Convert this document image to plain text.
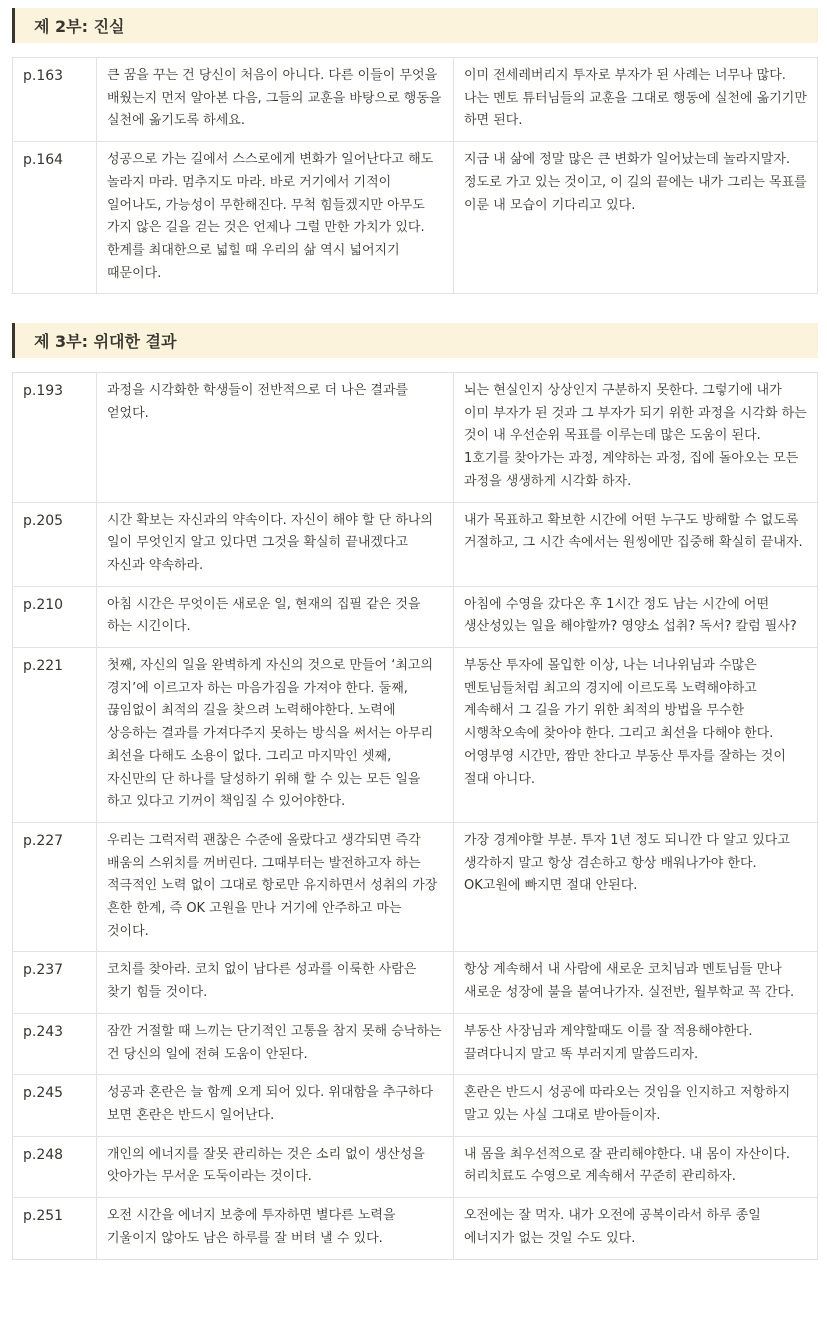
제 2부: 진실
p.163	큰 꿈을 꾸는 건 당신이 처음이 아니다. 다른 이들이 무엇을 배웠는지 먼저 알아본 다음, 그들의 교훈을 바탕으로 행동을 실천에 옮기도록 하세요.	이미 전세레버리지 투자로 부자가 된 사례는 너무나 많다. 나는 멘토 튜터님들의 교훈을 그대로 행동에 실천에 옮기기만 하면 된다.
p.164	성공으로 가는 길에서 스스로에게 변화가 일어난다고 해도 놀라지 마라. 멈추지도 마라. 바로 거기에서 기적이 일어나도, 가능성이 무한해진다. 무척 힘들겠지만 아무도 가지 않은 길을 걷는 것은 언제나 그럴 만한 가치가 있다. 한계를 최대한으로 넓힐 때 우리의 삶 역시 넓어지기 때문이다.	지금 내 삶에 정말 많은 큰 변화가 일어났는데 놀라지말자. 정도로 가고 있는 것이고, 이 길의 끝에는 내가 그리는 목표를 이룬 내 모습이 기다리고 있다.
제 3부: 위대한 결과
p.193	과정을 시각화한 학생들이 전반적으로 더 나은 결과를 얻었다.	뇌는 현실인지 상상인지 구분하지 못한다. 그렇기에 내가 이미 부자가 된 것과 그 부자가 되기 위한 과정을 시각화 하는 것이 내 우선순위 목표를 이루는데 많은 도움이 된다. 1호기를 찾아가는 과정, 계약하는 과정, 집에 돌아오는 모든 과정을 생생하게 시각화 하자.
p.205	시간 확보는 자신과의 약속이다. 자신이 해야 할 단 하나의 일이 무엇인지 알고 있다면 그것을 확실히 끝내겠다고 자신과 약속하라.	내가 목표하고 확보한 시간에 어떤 누구도 방해할 수 없도록 거절하고, 그 시간 속에서는 원씽에만 집중해 확실히 끝내자.
p.210	아침 시간은 무엇이든 새로운 일, 현재의 집필 같은 것을 하는 시긴이다.	아침에 수영을 갔다온 후 1시간 정도 남는 시간에 어떤 생산성있는 일을 해야할까? 영양소 섭취? 독서? 칼럼 필사?
p.221	첫째, 자신의 일을 완벽하게 자신의 것으로 만들어 ‘최고의 경지’에 이르고자 하는 마음가짐을 가져야 한다. 둘째, 끊임없이 최적의 길을 찾으려 노력해야한다. 노력에 상응하는 결과를 가져다주지 못하는 방식을 써서는 아무리 최선을 다해도 소용이 없다. 그리고 마지막인 셋째, 자신만의 단 하나를 달성하기 위해 할 수 있는 모든 일을 하고 있다고 기꺼이 책임질 수 있어야한다.	부동산 투자에 몰입한 이상, 나는 너나위님과 수많은 멘토님들처럼 최고의 경지에 이르도록 노력해야하고 계속해서 그 길을 가기 위한 최적의 방법을 무수한 시행착오속에 찾아야 한다. 그리고 최선을 다해야 한다. 어영부영 시간만, 짬만 찬다고 부동산 투자를 잘하는 것이 절대 아니다.
p.227	우리는 그럭저럭 괜찮은 수준에 올랐다고 생각되면 즉각 배움의 스위치를 꺼버린다. 그때부터는 발전하고자 하는 적극적인 노력 없이 그대로 항로만 유지하면서 성취의 가장 흔한 한계, 즉 OK 고원을 만나 거기에 안주하고 마는 것이다.	가장 경계야할 부분. 투자 1년 정도 되니깐 다 알고 있다고 생각하지 말고 항상 겸손하고 항상 배워나가야 한다. OK고원에 빠지면 절대 안된다.
p.237	코치를 찾아라. 코치 없이 남다른 성과를 이룩한 사람은 찾기 힘들 것이다.	항상 계속해서 내 사람에 새로운 코치님과 멘토님들 만나 새로운 성장에 불을 붙여나가자. 실전반, 월부학교 꼭 간다.
p.243	잠깐 거절할 때 느끼는 단기적인 고통을 참지 못해 승낙하는 건 당신의 일에 전혀 도움이 안된다.	부동산 사장님과 계약할때도 이를 잘 적용해야한다. 끌려다니지 말고 똑 부러지게 말씀드리자.
p.245	성공과 혼란은 늘 함께 오게 되어 있다. 위대함을 추구하다 보면 혼란은 반드시 일어난다.	혼란은 반드시 성공에 따라오는 것임을 인지하고 저항하지 말고 있는 사실 그대로 받아들이자.
p.248	개인의 에너지를 잘못 관리하는 것은 소리 없이 생산성을 앗아가는 무서운 도둑이라는 것이다.	내 몸을 최우선적으로 잘 관리해야한다. 내 몸이 자산이다. 허리치료도 수영으로 계속해서 꾸준히 관리하자.
p.251	오전 시간을 에너지 보충에 투자하면 별다른 노력을 기울이지 않아도 남은 하루를 잘 버텨 낼 수 있다.	오전에는 잘 먹자. 내가 오전에 공복이라서 하루 종일 에너지가 없는 것일 수도 있다.
